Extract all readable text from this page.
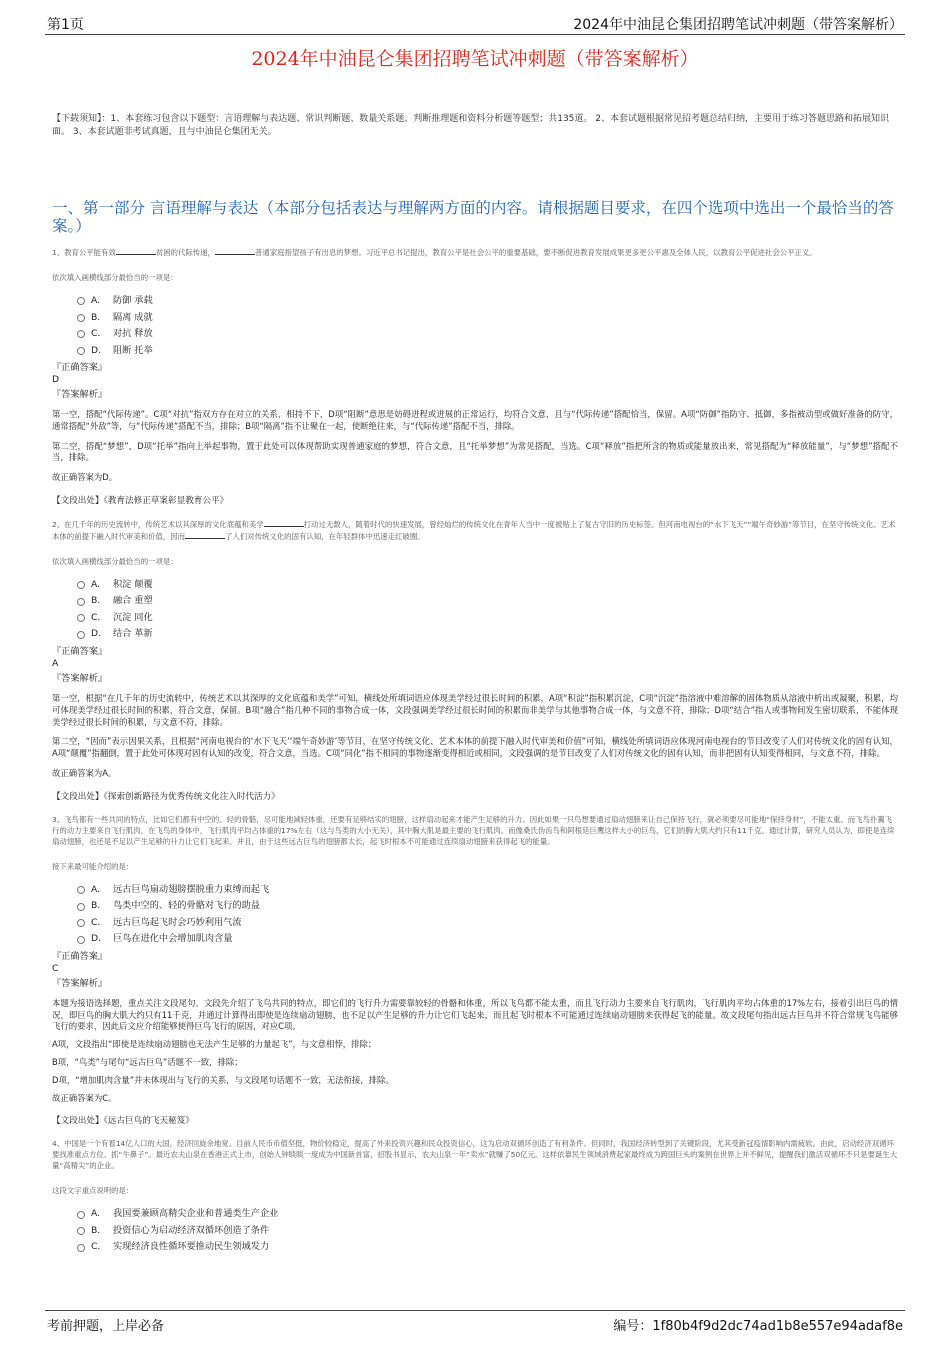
第1页	2024年中油昆仑集团招聘笔试冲刺题（带答案解析）
2024年中油昆仑集团招聘笔试冲刺题（带答案解析）

【下载须知】：1、本套练习包含以下题型：言语理解与表达题、常识判断题、数量关系题、判断推理题和资料分析题等题型；共135道。 2、本套试题根据常见招考题总结归纳，主要用于练习答题思路和拓展知识面。 3、本套试题非考试真题，且与中油昆仑集团无关。

一、第一部分 言语理解与表达（本部分包括表达与理解两方面的内容。请根据题目要求，在四个选项中选出一个最恰当的答案。）

1、教育公平能有效	贫困的代际传递，	普通家庭指望孩子有出息的梦想。习近平总书记提出，教育公平是社会公平的重要基础，要不断促进教育发展成果更多更公平惠及全体人民，以教育公平促进社会公平正义。

依次填入画横线部分最恰当的一项是：

A.	防御 承载
B.	隔离 成就
C.	对抗 释放
D.	阻断 托举

『正确答案』

D

『答案解析』

第一空，搭配“代际传递”。C项“对抗”指双方存在对立的关系，相持不下，D项“阻断”意思是妨碍进程或进展的正常运行，均符合文意，且与“代际传递”搭配恰当，保留。A项“防御”指防守、抵御，多指被动型或做好准备的防守，通常搭配“外敌”等，与“代际传递”搭配不当，排除；B项“隔离”指不让聚在一起，使断绝往来，与“代际传递”搭配不当，排除。

第二空，搭配“梦想”，D项“托举”指向上举起事物，置于此处可以体现帮助实现普通家庭的梦想，符合文意，且“托举梦想”为常见搭配，当选。C项“释放”指把所含的物质或能量放出来，常见搭配为“释放能量”，与“梦想”搭配不当，排除。

故正确答案为D。

【文段出处】《教育法修正草案彰显教育公平》

2、在几千年的历史流转中，传统艺术以其深厚的文化底蕴和美学	打动过无数人，随着时代的快速发展，曾经灿烂的传统文化在青年人当中一度被贴上了复古守旧的历史标签。但河南电视台的“水下飞天”“端午奇妙游”等节目，在坚守传统文化、艺术本体的前提下融入时代审美和价值，因而	了人们对传统文化的固有认知，在年轻群体中迅速走红破圈。

依次填入画横线部分最恰当的一项是：

A.	积淀 颠覆
B.	融合 重塑
C.	沉淀 同化
D.	结合 革新

『正确答案』

A

『答案解析』

第一空，根据“在几千年的历史流转中，传统艺术以其深厚的文化底蕴和美学”可知，横线处所填词语应体现美学经过很长时间的积累，A项“积淀”指积累沉淀，C项“沉淀”指溶液中难溶解的固体物质从溶液中析出或凝聚，积累，均可体现美学经过很长时间的积累，符合文意，保留。B项“融合”指几种不同的事物合成一体，文段强调美学经过很长时间的积累而非美学与其他事物合成一体，与文意不符，排除；D项“结合”指人或事物间发生密切联系，不能体现美学经过很长时间的积累，与文意不符，排除。

第二空，“因而”表示因果关系，且根据“河南电视台的‘水下飞天’‘端午奇妙游’等节目，在坚守传统文化、艺术本体的前提下融入时代审美和价值”可知，横线处所填词语应体现河南电视台的节目改变了人们对传统文化的固有认知，A项“颠覆”指翻倒，置于此处可体现对固有认知的改变，符合文意，当选。C项“同化”指不相同的事物逐渐变得相近或相同，文段强调的是节目改变了人们对传统文化的固有认知，而非把固有认知变得相同，与文意不符，排除。

故正确答案为A。

【文段出处】《探索创新路径为优秀传统文化注入时代活力》

3、飞鸟都有一些共同的特点，比如它们都有中空的、轻的骨骼，尽可能地减轻体重，还要有足够结实的翅膀，这样扇动起来才能产生足够的升力。因此如果一只鸟想要通过扇动翅膀来让自己保持飞行，就必须要尽可能地“保持身材”，不能太重。而飞鸟扑翼飞行的动力主要来自飞行肌肉，在飞鸟的身体中，飞行肌肉平均占体重的17%左右（这与鸟类的大小无关），其中胸大肌是最主要的飞行肌肉。而像桑氏伪齿鸟和阿根廷巨鹰这样大小的巨鸟，它们的胸大肌大约只有11千克。通过计算，研究人员认为，即使是连续扇动翅膀，也还是不足以产生足够的升力让它们飞起来。并且，由于这些远古巨鸟的翅膀都太长，起飞时根本不可能通过连续扇动翅膀来获得起飞的能量。

接下来最可能介绍的是：

A.	远古巨鸟扇动翅膀摆脱重力束缚而起飞
B.	鸟类中空的、轻的骨骼对飞行的助益
C.	远古巨鸟起飞时会巧妙利用气流
D.	巨鸟在进化中会增加肌肉含量

『正确答案』

C

『答案解析』

本题为接语选择题，重点关注文段尾句。文段先介绍了飞鸟共同的特点，即它们的飞行升力需要靠较轻的骨骼和体重，所以飞鸟都不能太重，而且飞行动力主要来自飞行肌肉，飞行肌肉平均占体重的17%左右，接着引出巨鸟的情况，即巨鸟的胸大肌大约只有11千克，并通过计算得出即使是连续扇动翅膀，也不足以产生足够的升力让它们飞起来，而且起飞时根本不可能通过连续扇动翅膀来获得起飞的能量。故文段尾句指出远古巨鸟并不符合常规飞鸟能够飞行的要求，因此后文应介绍能够使得巨鸟飞行的原因，对应C项。

A项，文段指出“即使是连续扇动翅膀也无法产生足够的力量起飞”，与文意相悖，排除；

B项，“鸟类”与尾句“远古巨鸟”话题不一致，排除；

D项，“增加肌肉含量”并未体现出与飞行的关系，与文段尾句话题不一致，无法衔接，排除。

故正确答案为C。

【文段出处】《远古巨鸟的飞天秘笈》

4、中国是一个有着14亿人口的大国，经济回旋余地宽。目前人民币币值坚挺，物价较稳定，提高了外来投资兴趣和民众投资信心，这为启动双循环创造了有利条件。但同时，我国经济转型到了关键阶段，尤其受新冠疫情影响内需疲软。由此，启动经济双循环要找准重点方位、抓“牛鼻子”。最近农夫山泉在香港正式上市，创始人钟睒睒一度成为中国新首富，招股书显示，农夫山泉一年“卖水”就赚了50亿元。这样依靠民生领域消费起家最终成为跨国巨头的案例在世界上并不鲜见，提醒我们激活双循环不只是要诞生大量“高精尖”的企业。

这段文字重点说明的是：

A.	我国要兼顾高精尖企业和普通类生产企业
B.	投资信心为启动经济双循环创造了条件
C.	实现经济良性循环要推动民生领域发力
考前押题，上岸必备	编号：1f80b4f9d2dc74ad1b8e557e94adaf8e
